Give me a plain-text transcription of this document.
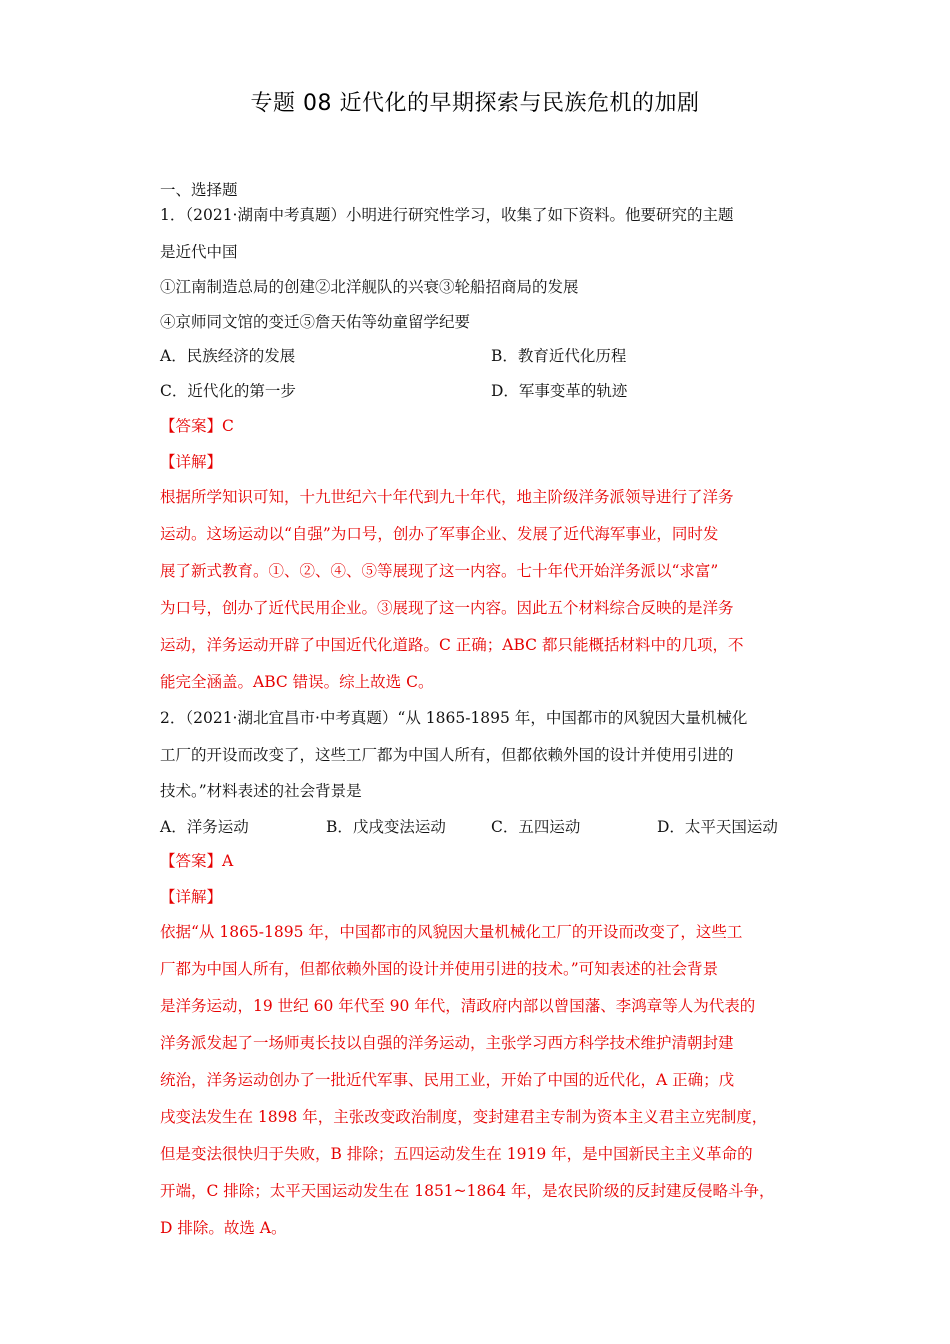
专题 08 近代化的早期探索与民族危机的加剧
一、选择题
1．（2021·湖南中考真题）小明进行研究性学习，收集了如下资料。他要研究的主题
是近代中国
①江南制造总局的创建②北洋舰队的兴衰③轮船招商局的发展
④京师同文馆的变迁⑤詹天佑等幼童留学纪要
A．民族经济的发展	B．教育近代化历程
C．近代化的第一步	D．军事变革的轨迹
【答案】C
【详解】
根据所学知识可知，十九世纪六十年代到九十年代，地主阶级洋务派领导进行了洋务
运动。这场运动以“自强”为口号，创办了军事企业、发展了近代海军事业，同时发
展了新式教育。①、②、④、⑤等展现了这一内容。七十年代开始洋务派以“求富”
为口号，创办了近代民用企业。③展现了这一内容。因此五个材料综合反映的是洋务
运动，洋务运动开辟了中国近代化道路。C 正确；ABC 都只能概括材料中的几项，不
能完全涵盖。ABC 错误。综上故选 C。
2．（2021·湖北宜昌市·中考真题）“从 1865-1895 年，中国都市的风貌因大量机械化
工厂的开设而改变了，这些工厂都为中国人所有，但都依赖外国的设计并使用引进的
技术。”材料表述的社会背景是
A．洋务运动	B．戊戌变法运动	C．五四运动	D．太平天国运动
【答案】A
【详解】
依据“从 1865-1895 年，中国都市的风貌因大量机械化工厂的开设而改变了，这些工
厂都为中国人所有，但都依赖外国的设计并使用引进的技术。”可知表述的社会背景
是洋务运动，19 世纪 60 年代至 90 年代，清政府内部以曾国藩、李鸿章等人为代表的
洋务派发起了一场师夷长技以自强的洋务运动，主张学习西方科学技术维护清朝封建
统治，洋务运动创办了一批近代军事、民用工业，开始了中国的近代化，A 正确；戊
戌变法发生在 1898 年，主张改变政治制度，变封建君主专制为资本主义君主立宪制度，
但是变法很快归于失败，B 排除；五四运动发生在 1919 年，是中国新民主主义革命的
开端，C 排除；太平天国运动发生在 1851~1864 年，是农民阶级的反封建反侵略斗争，
D 排除。故选 A。
